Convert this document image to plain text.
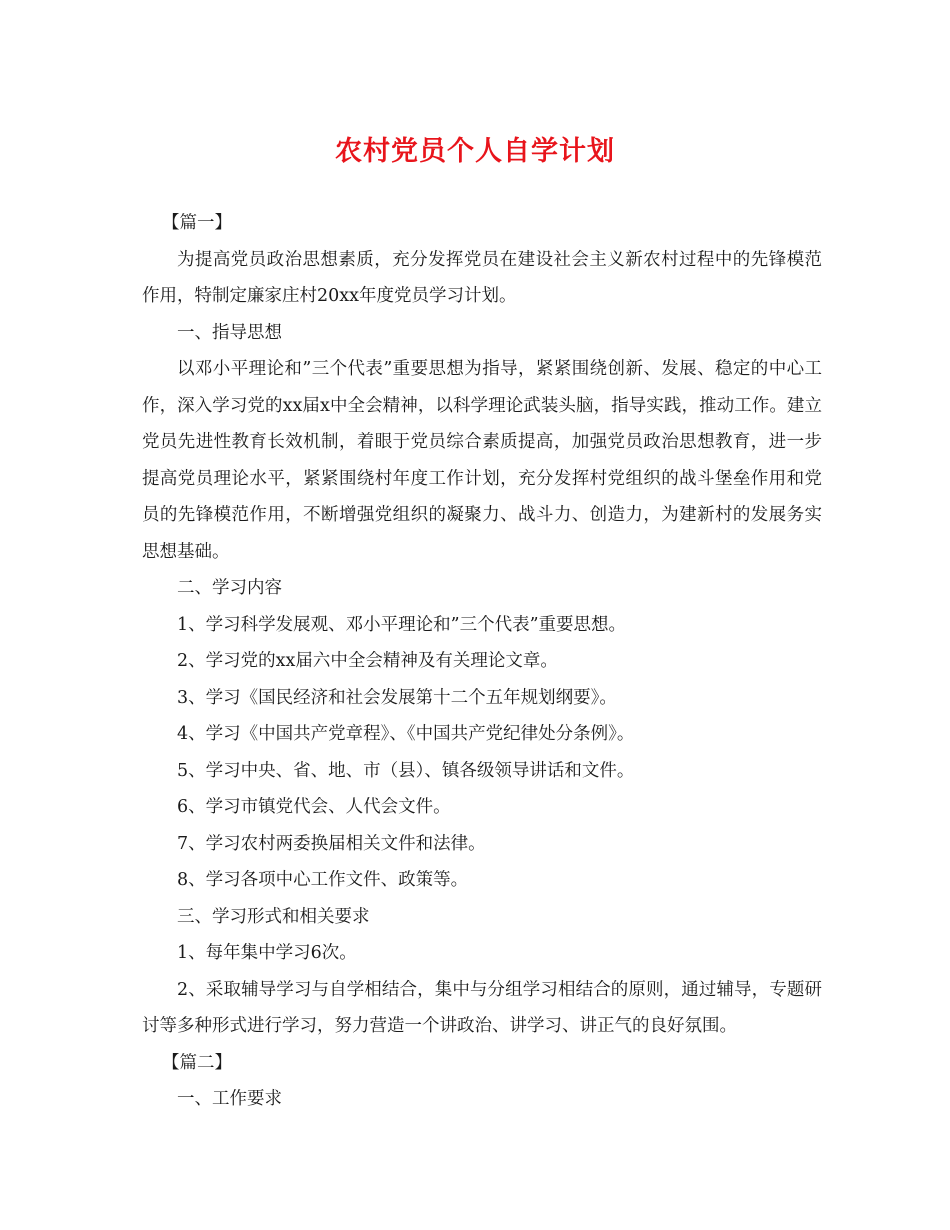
农村党员个人自学计划

【篇一】

为提高党员政治思想素质，充分发挥党员在建设社会主义新农村过程中的先锋模范作用，特制定廉家庄村20xx年度党员学习计划。

一、指导思想

以邓小平理论和”三个代表”重要思想为指导，紧紧围绕创新、发展、稳定的中心工作，深入学习党的xx届x中全会精神，以科学理论武装头脑，指导实践，推动工作。建立党员先进性教育长效机制，着眼于党员综合素质提高，加强党员政治思想教育，进一步提高党员理论水平，紧紧围绕村年度工作计划，充分发挥村党组织的战斗堡垒作用和党员的先锋模范作用，不断增强党组织的凝聚力、战斗力、创造力，为建新村的发展务实思想基础。

二、学习内容

1、学习科学发展观、邓小平理论和”三个代表”重要思想。

2、学习党的xx届六中全会精神及有关理论文章。

3、学习《国民经济和社会发展第十二个五年规划纲要》。

4、学习《中国共产党章程》、《中国共产党纪律处分条例》。

5、学习中央、省、地、市（县）、镇各级领导讲话和文件。

6、学习市镇党代会、人代会文件。

7、学习农村两委换届相关文件和法律。

8、学习各项中心工作文件、政策等。

三、学习形式和相关要求

1、每年集中学习6次。

2、采取辅导学习与自学相结合，集中与分组学习相结合的原则，通过辅导，专题研讨等多种形式进行学习，努力营造一个讲政治、讲学习、讲正气的良好氛围。

【篇二】

一、工作要求
